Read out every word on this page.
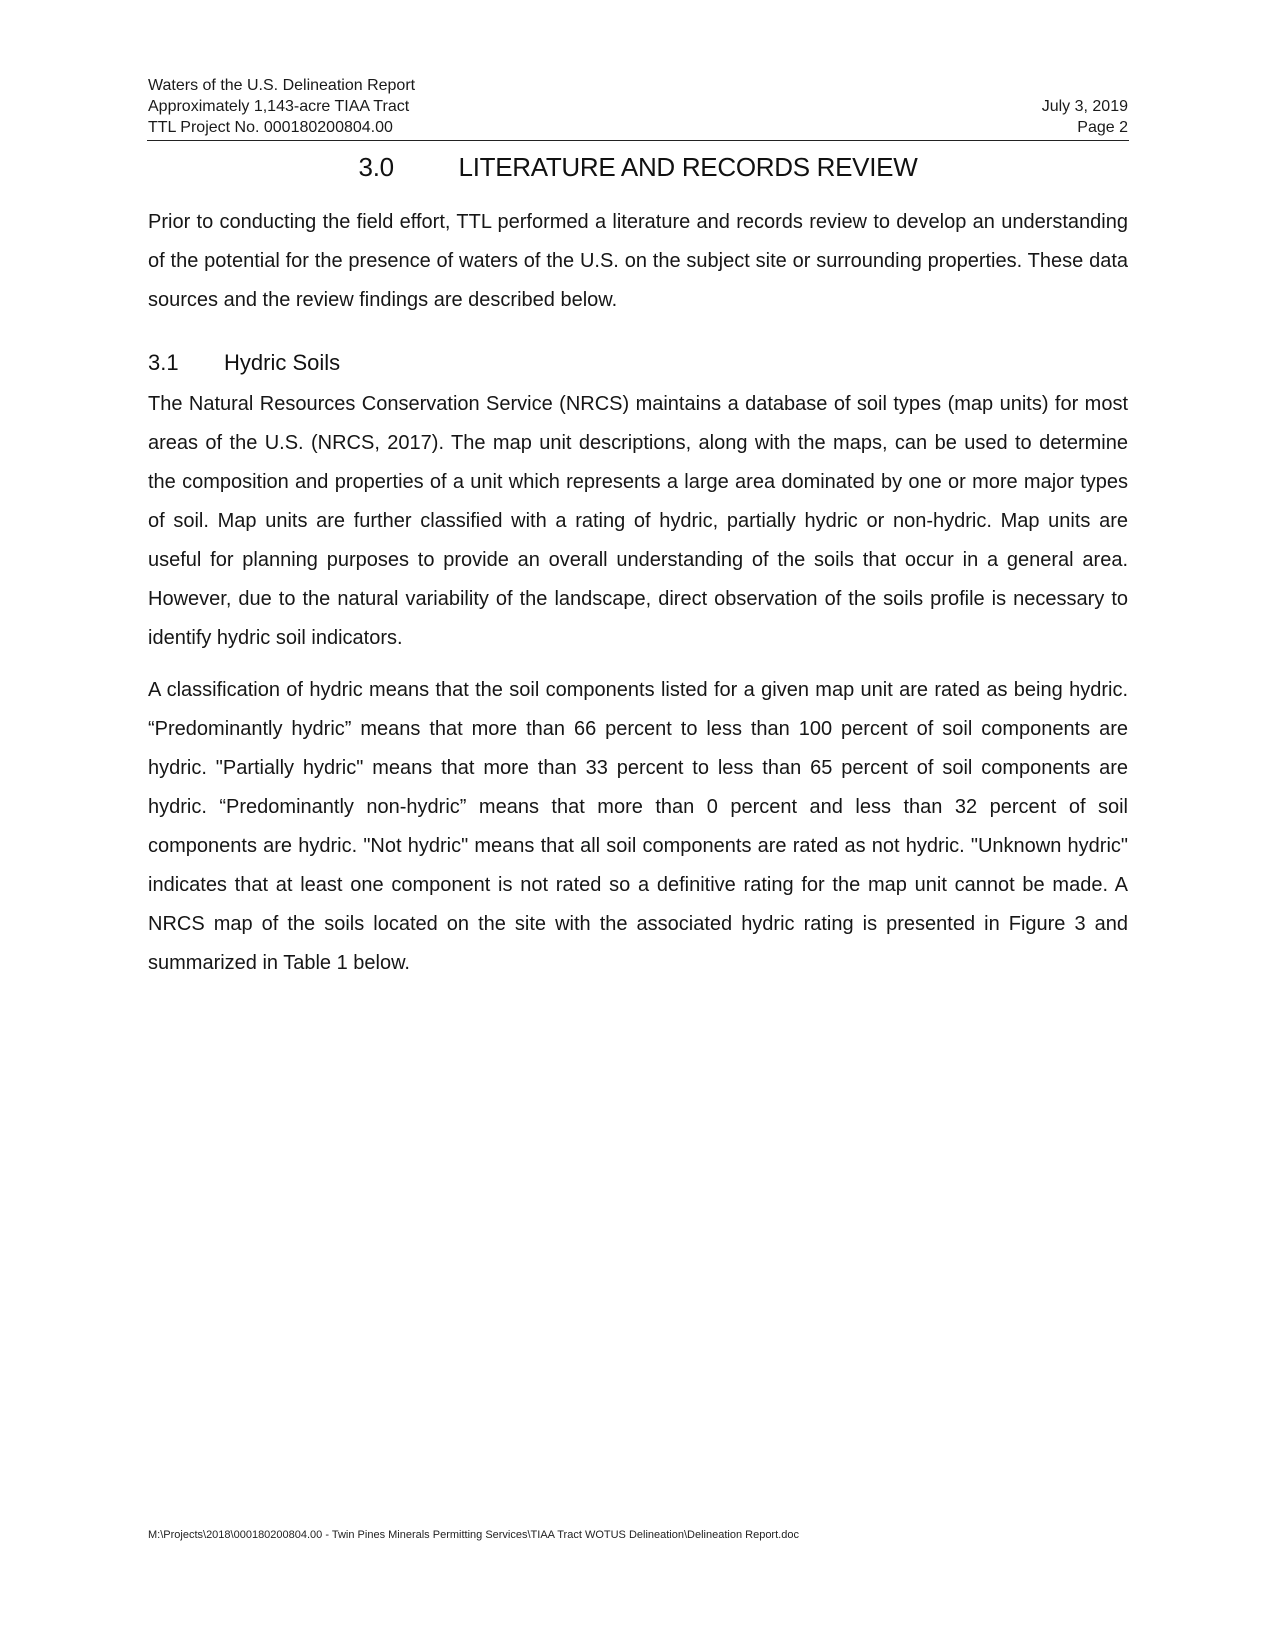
Waters of the U.S. Delineation Report
Approximately 1,143-acre TIAA Tract	July 3, 2019
TTL Project No. 000180200804.00	Page 2
3.0 LITERATURE AND RECORDS REVIEW

Prior to conducting the field effort, TTL performed a literature and records review to develop an understanding of the potential for the presence of waters of the U.S. on the subject site or surrounding properties. These data sources and the review findings are described below.

3.1 Hydric Soils

The Natural Resources Conservation Service (NRCS) maintains a database of soil types (map units) for most areas of the U.S. (NRCS, 2017). The map unit descriptions, along with the maps, can be used to determine the composition and properties of a unit which represents a large area dominated by one or more major types of soil. Map units are further classified with a rating of hydric, partially hydric or non-hydric. Map units are useful for planning purposes to provide an overall understanding of the soils that occur in a general area. However, due to the natural variability of the landscape, direct observation of the soils profile is necessary to identify hydric soil indicators.

A classification of hydric means that the soil components listed for a given map unit are rated as being hydric. “Predominantly hydric” means that more than 66 percent to less than 100 percent of soil components are hydric. "Partially hydric" means that more than 33 percent to less than 65 percent of soil components are hydric. “Predominantly non-hydric” means that more than 0 percent and less than 32 percent of soil components are hydric. "Not hydric" means that all soil components are rated as not hydric. "Unknown hydric" indicates that at least one component is not rated so a definitive rating for the map unit cannot be made. A NRCS map of the soils located on the site with the associated hydric rating is presented in Figure 3 and summarized in Table 1 below.

M:\Projects\2018\000180200804.00 - Twin Pines Minerals Permitting Services\TIAA Tract WOTUS Delineation\Delineation Report.doc
